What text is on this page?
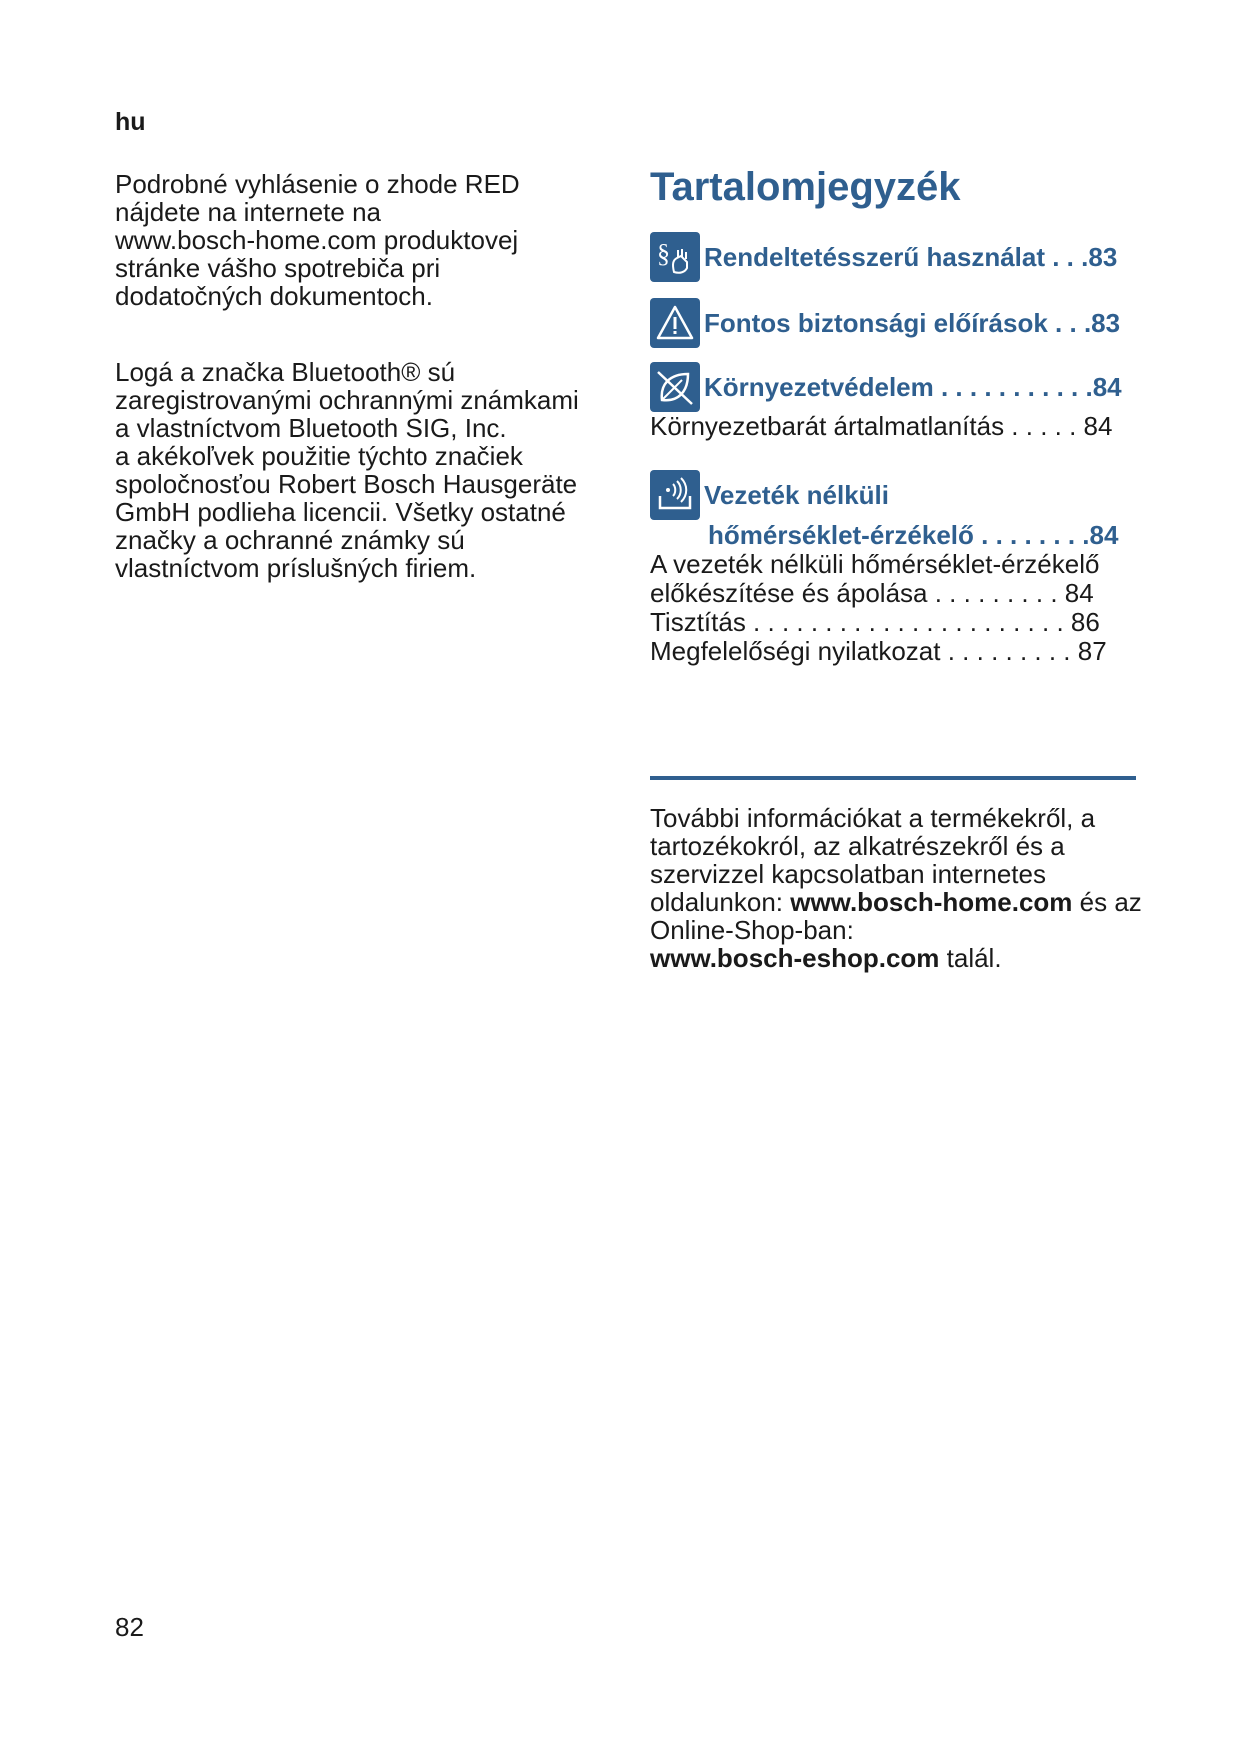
hu

Podrobné vyhlásenie o zhode RED
nájdete na internete na
www.bosch-home.com produktovej
stránke vášho spotrebiča pri
dodatočných dokumentoch.

Logá a značka Bluetooth® sú
zaregistrovanými ochrannými známkami
a vlastníctvom Bluetooth SIG, Inc.
a akékoľvek použitie týchto značiek
spoločnosťou Robert Bosch Hausgeräte
GmbH podlieha licencii. Všetky ostatné
značky a ochranné známky sú
vlastníctvom príslušných firiem.

Tartalomjegyzék
§ Rendeltetésszerű használat . . .83
Fontos biztonsági előírások . . .83
Környezetvédelem . . . . . . . . . . .84
Környezetbarát ártalmatlanítás . . . . . 84
Vezeték nélküli
hőmérséklet-érzékelő . . . . . . . .84
A vezeték nélküli hőmérséklet-érzékelő
előkészítése és ápolása . . . . . . . . . 84
Tisztítás . . . . . . . . . . . . . . . . . . . . . . 86
Megfelelőségi nyilatkozat . . . . . . . . . 87

További információkat a termékekről, a tartozékokról, az alkatrészekről és a szervizzel kapcsolatban internetes oldalunkon: www.bosch-home.com és az Online-Shop-ban:
www.bosch-eshop.com talál.

82
